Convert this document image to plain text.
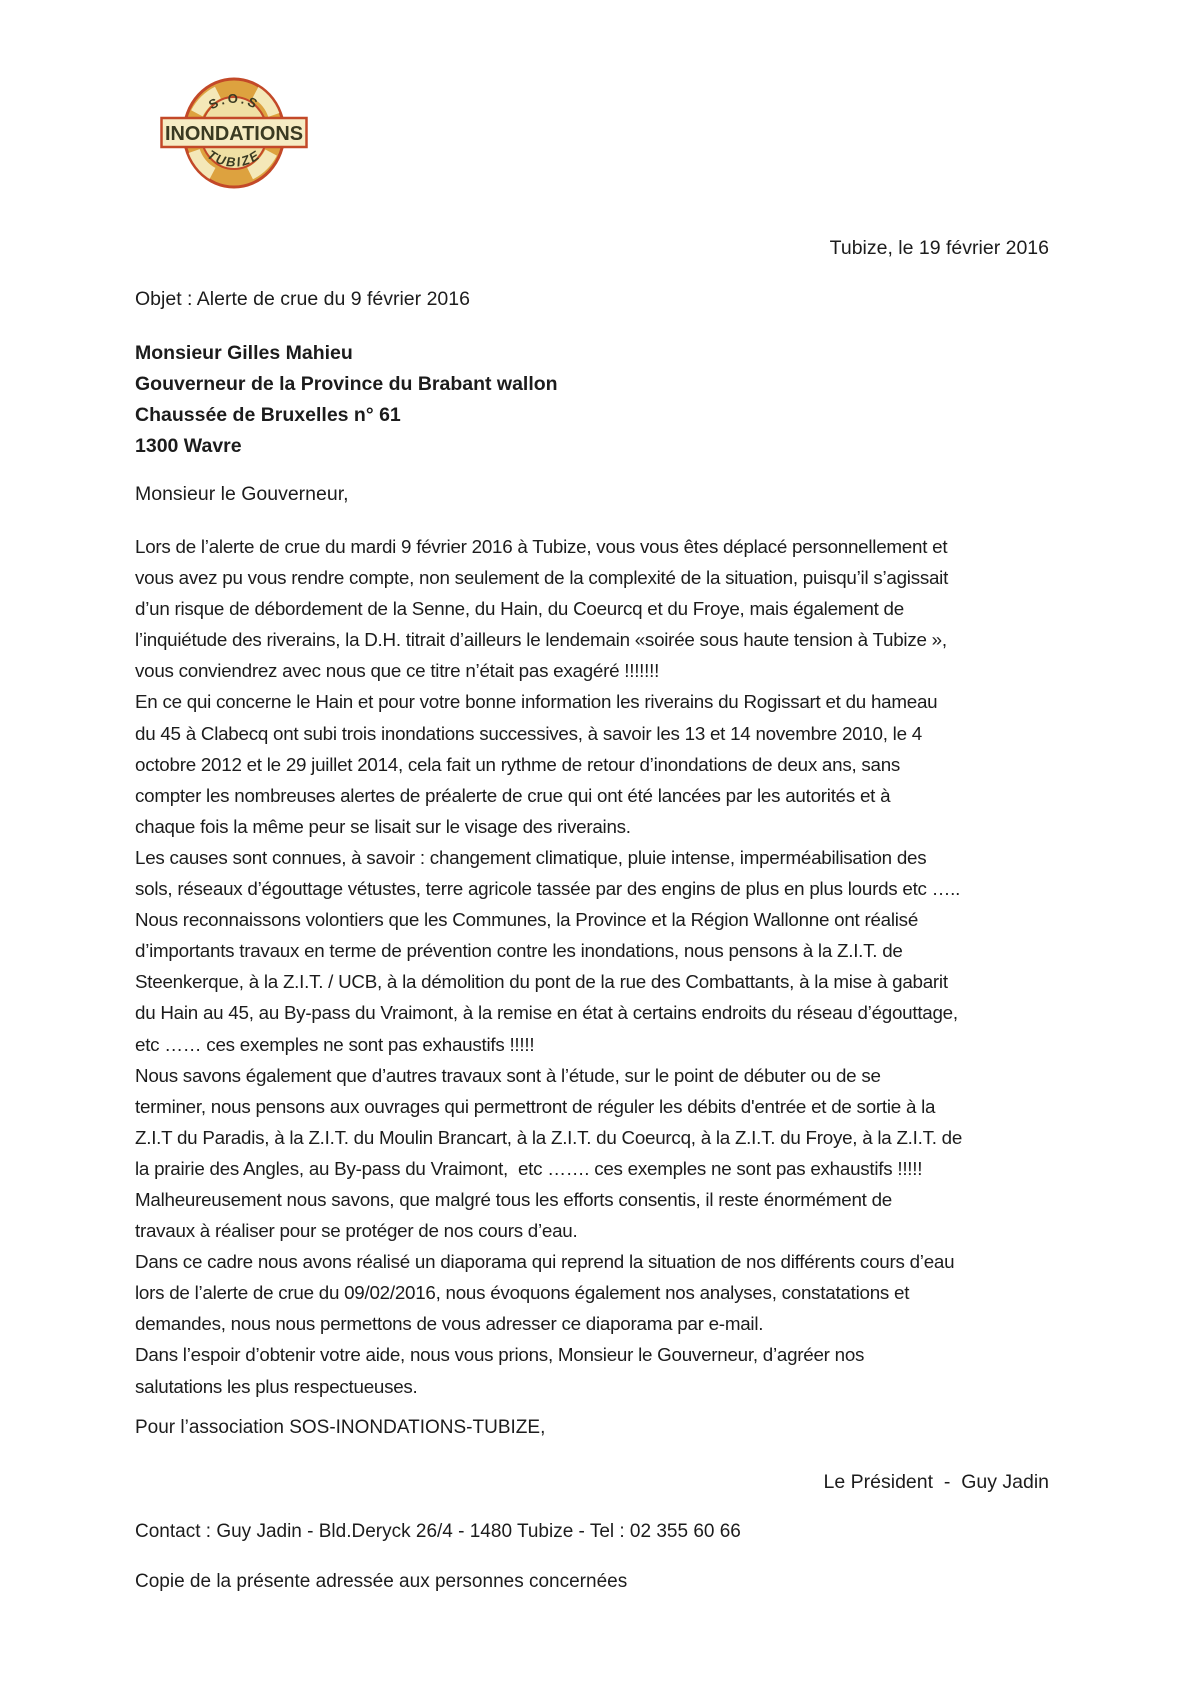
S.O.S
INONDATIONS
TUBIZE
Tubize, le 19 février 2016
Objet : Alerte de crue du 9 février 2016
Monsieur Gilles Mahieu
Gouverneur de la Province du Brabant wallon
Chaussée de Bruxelles n° 61
1300 Wavre
Monsieur le Gouverneur,
Lors de l’alerte de crue du mardi 9 février 2016 à Tubize, vous vous êtes déplacé personnellement et
vous avez pu vous rendre compte, non seulement de la complexité de la situation, puisqu’il s’agissait
d’un risque de débordement de la Senne, du Hain, du Coeurcq et du Froye, mais également de
l’inquiétude des riverains, la D.H. titrait d’ailleurs le lendemain «soirée sous haute tension à Tubize »,
vous conviendrez avec nous que ce titre n’était pas exagéré !!!!!!!
En ce qui concerne le Hain et pour votre bonne information les riverains du Rogissart et du hameau
du 45 à Clabecq ont subi trois inondations successives, à savoir les 13 et 14 novembre 2010, le 4
octobre 2012 et le 29 juillet 2014, cela fait un rythme de retour d’inondations de deux ans, sans
compter les nombreuses alertes de préalerte de crue qui ont été lancées par les autorités et à
chaque fois la même peur se lisait sur le visage des riverains.
Les causes sont connues, à savoir : changement climatique, pluie intense, imperméabilisation des
sols, réseaux d’égouttage vétustes, terre agricole tassée par des engins de plus en plus lourds etc …..
Nous reconnaissons volontiers que les Communes, la Province et la Région Wallonne ont réalisé
d’importants travaux en terme de prévention contre les inondations, nous pensons à la Z.I.T. de
Steenkerque, à la Z.I.T. / UCB, à la démolition du pont de la rue des Combattants, à la mise à gabarit
du Hain au 45, au By-pass du Vraimont, à la remise en état à certains endroits du réseau d’égouttage,
etc …… ces exemples ne sont pas exhaustifs !!!!!
Nous savons également que d’autres travaux sont à l’étude, sur le point de débuter ou de se
terminer, nous pensons aux ouvrages qui permettront de réguler les débits d'entrée et de sortie à la
Z.I.T du Paradis, à la Z.I.T. du Moulin Brancart, à la Z.I.T. du Coeurcq, à la Z.I.T. du Froye, à la Z.I.T. de
la prairie des Angles, au By-pass du Vraimont,  etc ……. ces exemples ne sont pas exhaustifs !!!!!
Malheureusement nous savons, que malgré tous les efforts consentis, il reste énormément de
travaux à réaliser pour se protéger de nos cours d’eau.
Dans ce cadre nous avons réalisé un diaporama qui reprend la situation de nos différents cours d’eau
lors de l’alerte de crue du 09/02/2016, nous évoquons également nos analyses, constatations et
demandes, nous nous permettons de vous adresser ce diaporama par e-mail.
Dans l’espoir d’obtenir votre aide, nous vous prions, Monsieur le Gouverneur, d’agréer nos
salutations les plus respectueuses.
Pour l’association SOS-INONDATIONS-TUBIZE,
Le Président  -  Guy Jadin
Contact : Guy Jadin - Bld.Deryck 26/4 - 1480 Tubize - Tel : 02 355 60 66
Copie de la présente adressée aux personnes concernées
